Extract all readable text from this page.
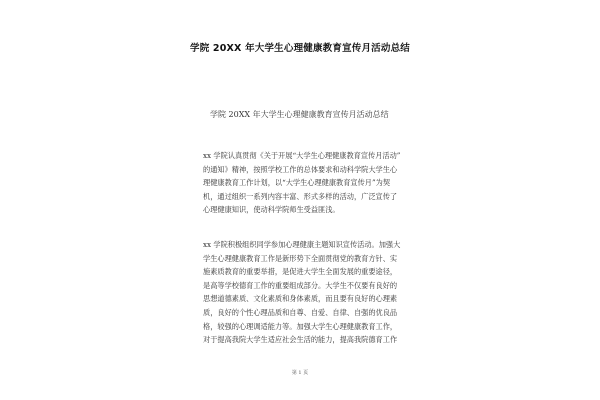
学院 20XX 年大学生心理健康教育宣传月活动总结
学院 20XX 年大学生心理健康教育宣传月活动总结
xx 学院认真贯彻《关于开展“大学生心理健康教育宣传月活动”
的通知》精神，按照学校工作的总体要求和动科学院大学生心
理健康教育工作计划，以“大学生心理健康教育宣传月”为契
机，通过组织一系列内容丰富、形式多样的活动，广泛宣传了
心理健康知识，使动科学院师生受益匪浅。
xx 学院积极组织同学参加心理健康主题知识宣传活动。加强大
学生心理健康教育工作是新形势下全面贯彻党的教育方针、实
施素质教育的重要举措，是促进大学生全面发展的重要途径，
是高等学校德育工作的重要组成部分。大学生不仅要有良好的
思想道德素质、文化素质和身体素质，而且要有良好的心理素
质，良好的个性心理品质和自尊、自爱、自律、自强的优良品
格，较强的心理调适能力等。加强大学生心理健康教育工作，
对于提高我院大学生适应社会生活的能力，提高我院德育工作
第 1 页
